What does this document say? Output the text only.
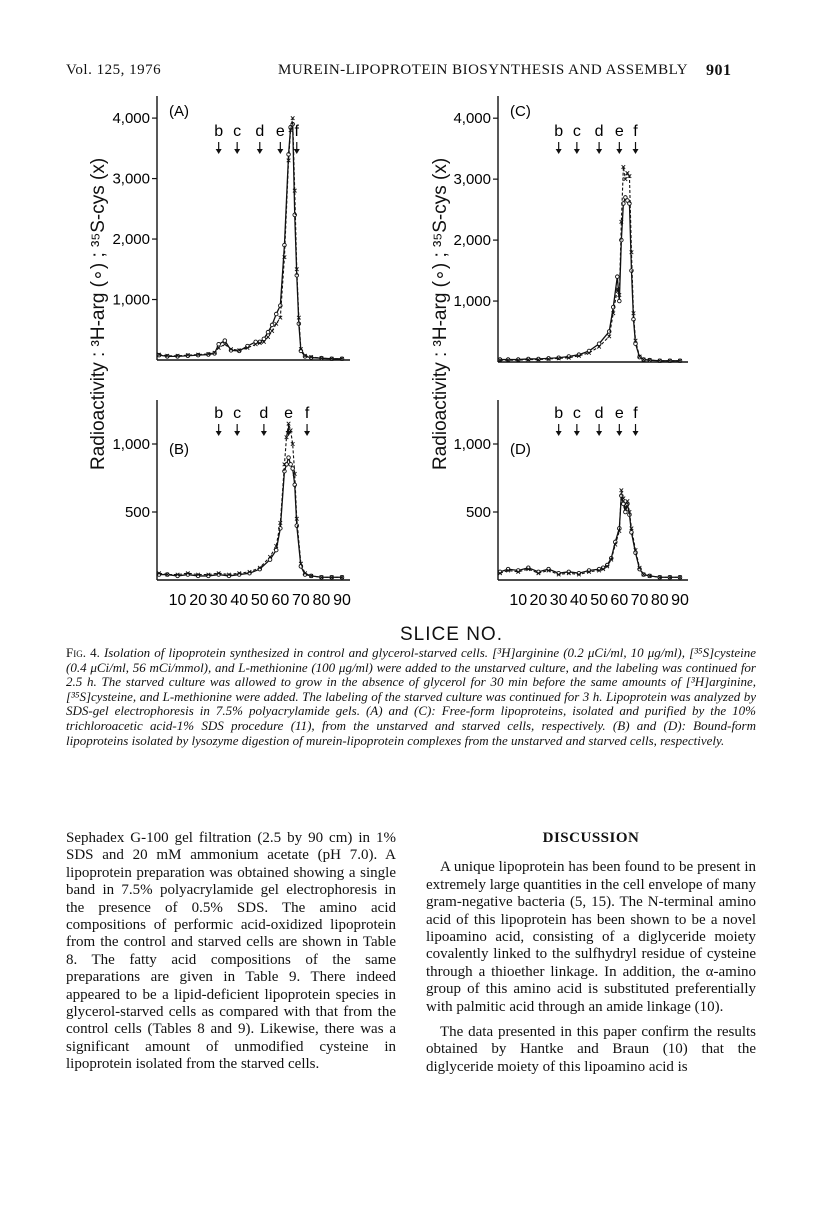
Vol. 125, 1976	MUREIN-LIPOPROTEIN BIOSYNTHESIS AND ASSEMBLY 901
(A)
1,000
2,000
3,000
4,000
b c d e f
(B)
500
1,000
10 20 30 40 50 60 70 80 90
b c d e f
(C)
1,000
2,000
3,000
4,000
b c d e f
(D)
500
1,000
10 20 30 40 50 60 70 80 90
b c d e f
Radioactivity : ³H-arg (∘) ; ³⁵S-cys (x)	Radioactivity : ³H-arg (∘) ; ³⁵S-cys (x)
SLICE NO.
Fig. 4. Isolation of lipoprotein synthesized in control and glycerol-starved cells. [³H]arginine (0.2 μCi/ml, 10 μg/ml), [³⁵S]cysteine (0.4 μCi/ml, 56 mCi/mmol), and L-methionine (100 μg/ml) were added to the unstarved culture, and the labeling was continued for 2.5 h. The starved culture was allowed to grow in the absence of glycerol for 30 min before the same amounts of [³H]arginine, [³⁵S]cysteine, and L-methionine were added. The labeling of the starved culture was continued for 3 h. Lipoprotein was analyzed by SDS-gel electrophoresis in 7.5% polyacrylamide gels. (A) and (C): Free-form lipoproteins, isolated and purified by the 10% trichloroacetic acid-1% SDS procedure (11), from the unstarved and starved cells, respectively. (B) and (D): Bound-form lipoproteins isolated by lysozyme digestion of murein-lipoprotein complexes from the unstarved and starved cells, respectively.

Sephadex G-100 gel filtration (2.5 by 90 cm) in 1% SDS and 20 mM ammonium acetate (pH 7.0). A lipoprotein preparation was obtained showing a single band in 7.5% polyacrylamide gel electrophoresis in the presence of 0.5% SDS. The amino acid compositions of performic acid-oxidized lipoprotein from the control and starved cells are shown in Table 8. The fatty acid compositions of the same preparations are given in Table 9. There indeed appeared to be a lipid-deficient lipoprotein species in glycerol-starved cells as compared with that from the control cells (Tables 8 and 9). Likewise, there was a significant amount of unmodified cysteine in lipoprotein isolated from the starved cells.

DISCUSSION

A unique lipoprotein has been found to be present in extremely large quantities in the cell envelope of many gram-negative bacteria (5, 15). The N-terminal amino acid of this lipoprotein has been shown to be a novel lipoamino acid, consisting of a diglyceride moiety covalently linked to the sulfhydryl residue of cysteine through a thioether linkage. In addition, the α-amino group of this amino acid is substituted preferentially with palmitic acid through an amide linkage (10).

The data presented in this paper confirm the results obtained by Hantke and Braun (10) that the diglyceride moiety of this lipoamino acid is
